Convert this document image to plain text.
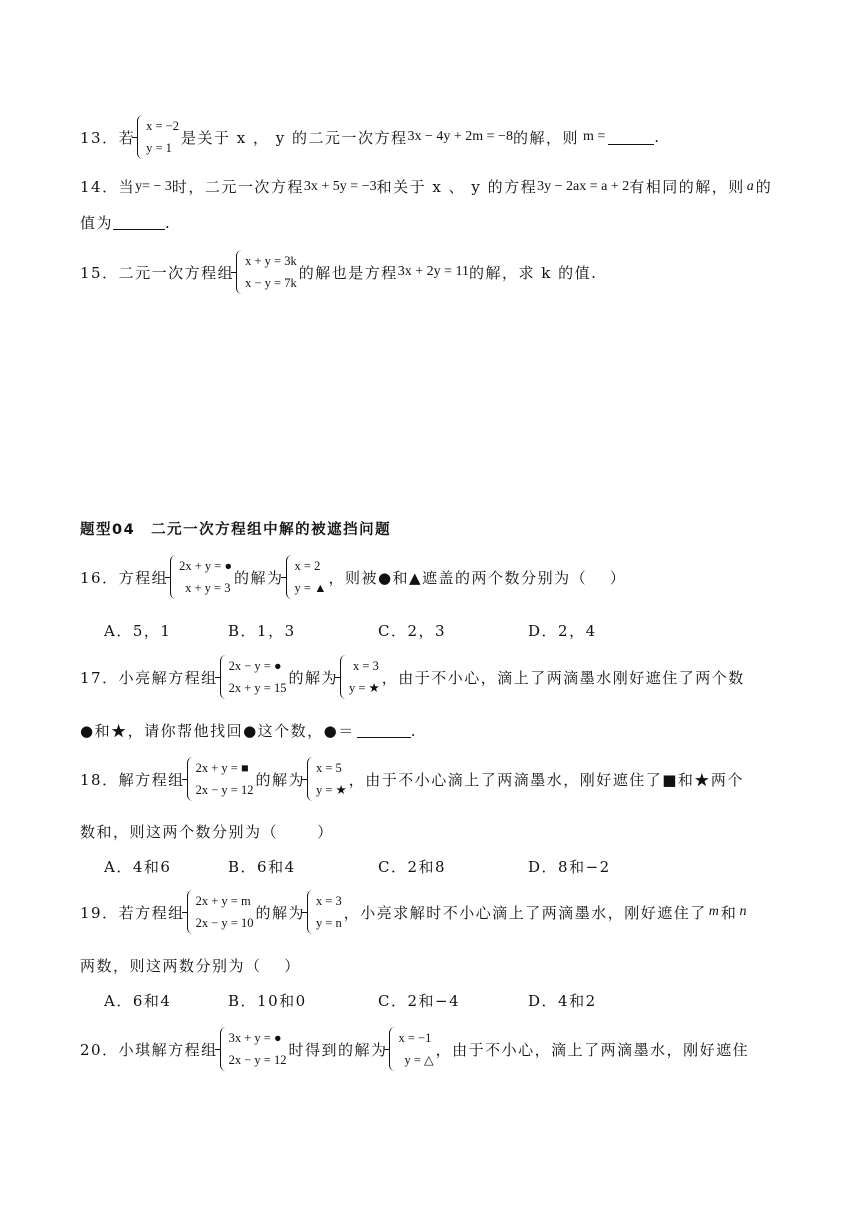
13．若
x = −2
y = 1
是关于 x ， y 的二元一次方程 3x − 4y + 2m = −8 的解，则 m =	.
14．当 y= − 3 时，二元一次方程 3x + 5y = −3 和关于 x 、 y 的方程 3y − 2ax = a + 2 有相同的解，则 a 的
值为	.
15．二元一次方程组
x + y = 3k
x − y = 7k
的解也是方程 3x + 2y = 11 的解，求 k 的值.
题型04　二元一次方程组中解的被遮挡问题
16．方程组
2x + y = ●
x + y = 3
的解为
x = 2
y = ▲
，则被●和▲遮盖的两个数分别为（　 ）
A．5，1	B．1，3	C．2，3	D．2，4
17．小亮解方程组
2x − y = ●
2x + y = 15
的解为
x = 3
y = ★
，由于不小心，滴上了两滴墨水刚好遮住了两个数
●和★，请你帮他找回●这个数，●＝	.
18．解方程组
2x + y = ■
2x − y = 12
的解为
x = 5
y = ★
，由于不小心滴上了两滴墨水，刚好遮住了■和★两个
数和，则这两个数分别为（　　 ）
A．4和6	B．6和4	C．2和8	D．8和−2
19．若方程组
2x + y = m
2x − y = 10
的解为
x = 3
y = n
，小亮求解时不小心滴上了两滴墨水，刚好遮住了 m 和 n
两数，则这两数分别为（　 ）
A．6和4	B．10和0	C．2和−4	D．4和2
20．小琪解方程组
3x + y = ●
2x − y = 12
时得到的解为
x = −1
y = △
，由于不小心，滴上了两滴墨水，刚好遮住
